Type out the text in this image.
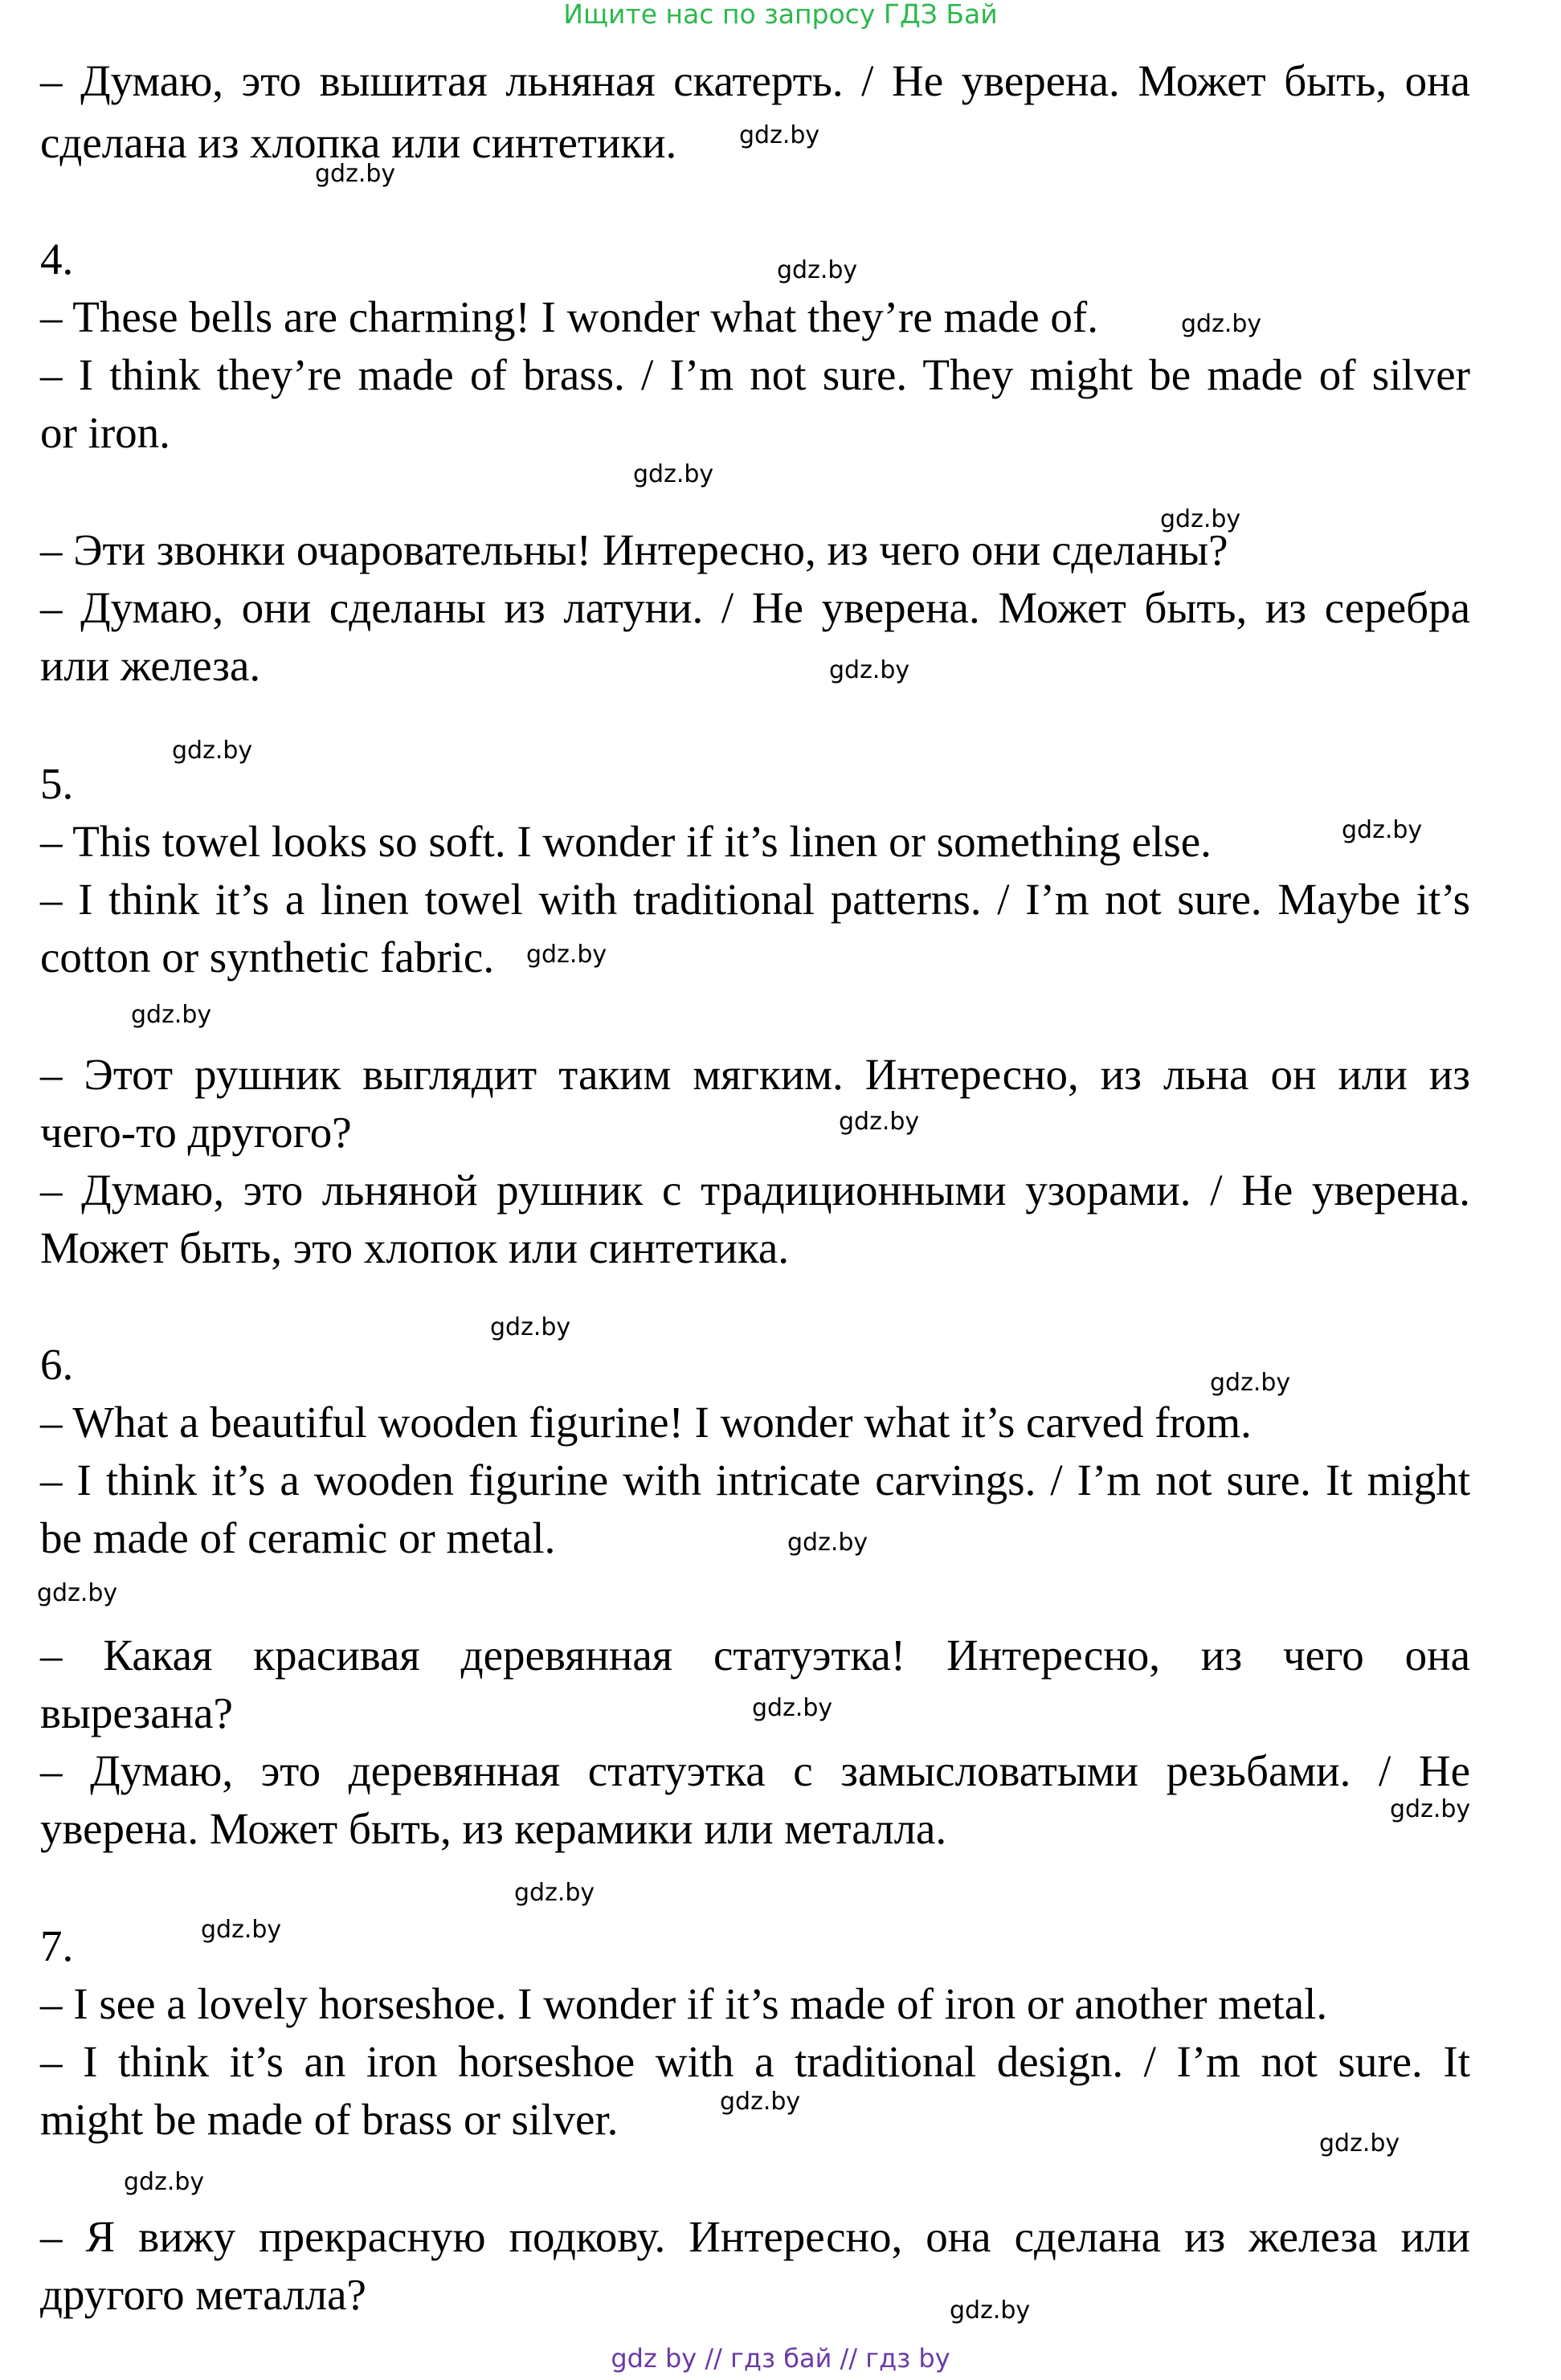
Ищите нас по запросу ГДЗ Бай
– Думаю, это вышитая льняная скатерть. / Не уверена. Может быть, она
сделана из хлопка или синтетики.
4.
– These bells are charming! I wonder what they’re made of.
– I think they’re made of brass. / I’m not sure. They might be made of silver
or iron.
– Эти звонки очаровательны! Интересно, из чего они сделаны?
– Думаю, они сделаны из латуни. / Не уверена. Может быть, из серебра
или железа.
5.
– This towel looks so soft. I wonder if it’s linen or something else.
– I think it’s a linen towel with traditional patterns. / I’m not sure. Maybe it’s
cotton or synthetic fabric.
– Этот рушник выглядит таким мягким. Интересно, из льна он или из
чего-то другого?
– Думаю, это льняной рушник с традиционными узорами. / Не уверена.
Может быть, это хлопок или синтетика.
6.
– What a beautiful wooden figurine! I wonder what it’s carved from.
– I think it’s a wooden figurine with intricate carvings. / I’m not sure. It might
be made of ceramic or metal.
– Какая красивая деревянная статуэтка! Интересно, из чего она
вырезана?
– Думаю, это деревянная статуэтка с замысловатыми резьбами. / Не
уверена. Может быть, из керамики или металла.
7.
– I see a lovely horseshoe. I wonder if it’s made of iron or another metal.
– I think it’s an iron horseshoe with a traditional design. / I’m not sure. It
might be made of brass or silver.
– Я вижу прекрасную подкову. Интересно, она сделана из железа или
другого металла?
gdz.by
gdz.by
gdz.by
gdz.by
gdz.by
gdz.by
gdz.by
gdz.by
gdz.by
gdz.by
gdz.by
gdz.by
gdz.by
gdz.by
gdz.by
gdz.by
gdz.by
gdz.by
gdz.by
gdz.by
gdz.by
gdz.by
gdz.by
gdz.by
gdz by // гдз бай // гдз by
